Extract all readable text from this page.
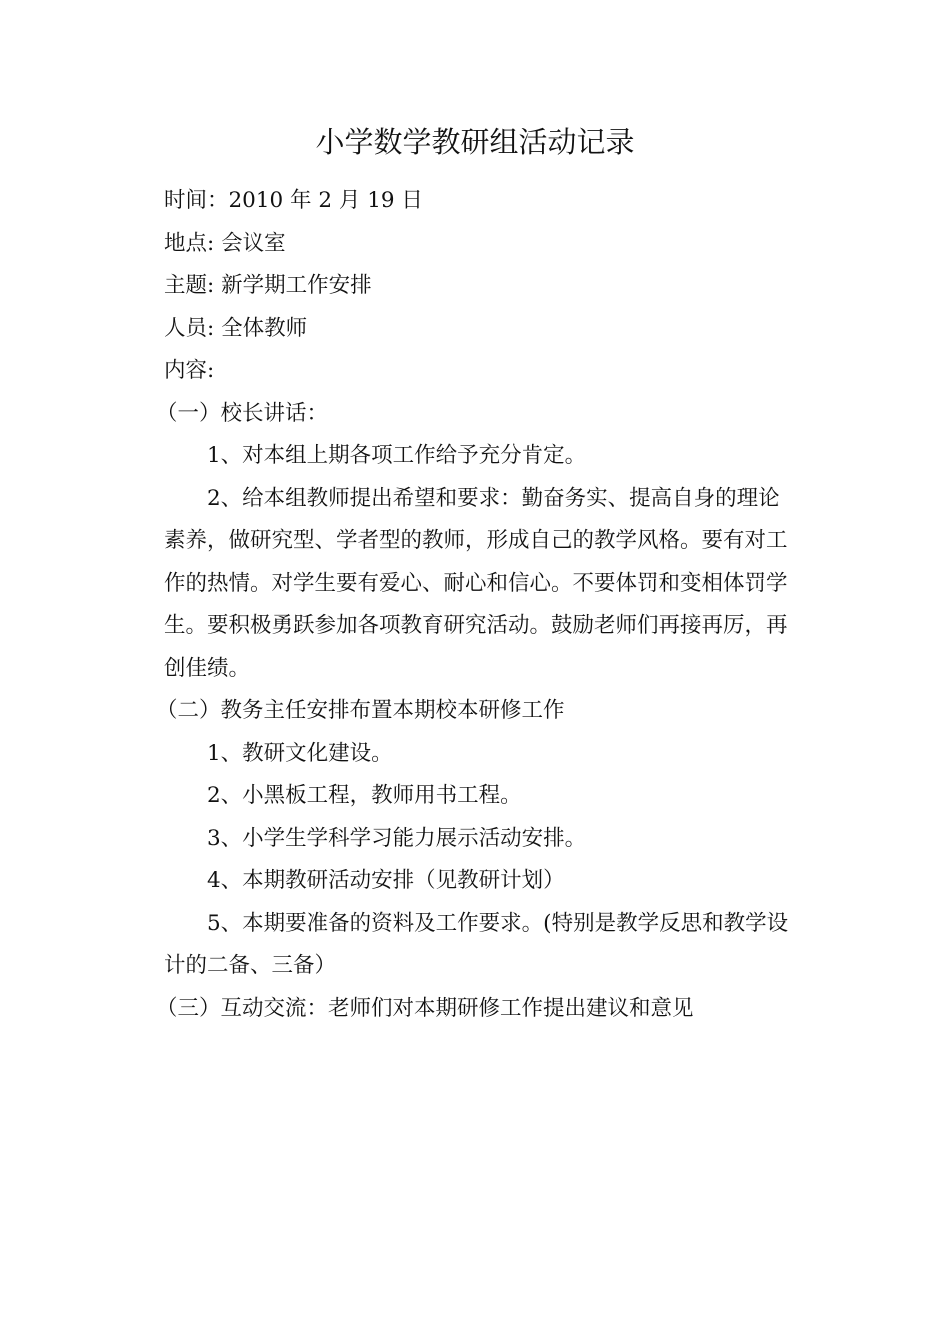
小学数学教研组活动记录
时间：2010 年 2 月 19 日
地点: 会议室
主题: 新学期工作安排
人员: 全体教师
内容:
（一）校长讲话：
1、对本组上期各项工作给予充分肯定。
2、给本组教师提出希望和要求：勤奋务实、提高自身的理论素养，做研究型、学者型的教师，形成自己的教学风格。要有对工作的热情。对学生要有爱心、耐心和信心。不要体罚和变相体罚学生。要积极勇跃参加各项教育研究活动。鼓励老师们再接再厉，再创佳绩。
（二）教务主任安排布置本期校本研修工作
1、教研文化建设。
2、小黑板工程，教师用书工程。
3、小学生学科学习能力展示活动安排。
4、本期教研活动安排（见教研计划）
5、本期要准备的资料及工作要求。(特别是教学反思和教学设计的二备、三备）
（三）互动交流：老师们对本期研修工作提出建议和意见
